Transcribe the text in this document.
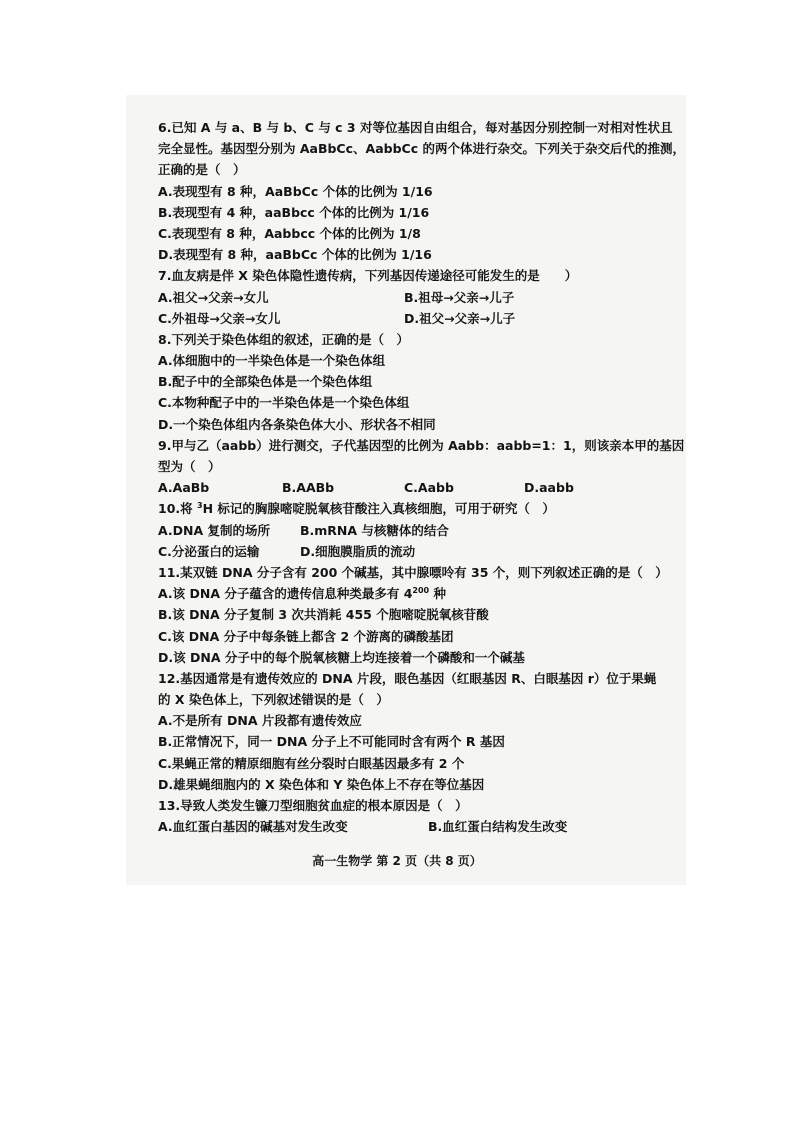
6.已知 A 与 a、B 与 b、C 与 c 3 对等位基因自由组合，每对基因分别控制一对相对性状且
完全显性。基因型分别为 AaBbCc、AabbCc 的两个体进行杂交。下列关于杂交后代的推测，
正确的是（　）
A.表现型有 8 种，AaBbCc 个体的比例为 1/16
B.表现型有 4 种，aaBbcc 个体的比例为 1/16
C.表现型有 8 种，Aabbcc 个体的比例为 1/8
D.表现型有 8 种，aaBbCc 个体的比例为 1/16
7.血友病是伴 X 染色体隐性遗传病，下列基因传递途径可能发生的是　　）
A.祖父→父亲→女儿	B.祖母→父亲→儿子
C.外祖母→父亲→女儿	D.祖父→父亲→儿子
8.下列关于染色体组的叙述，正确的是（　）
A.体细胞中的一半染色体是一个染色体组
B.配子中的全部染色体是一个染色体组
C.本物种配子中的一半染色体是一个染色体组
D.一个染色体组内各条染色体大小、形状各不相同
9.甲与乙（aabb）进行测交，子代基因型的比例为 Aabb：aabb=1：1，则该亲本甲的基因
型为（　）
A.AaBb	B.AABb	C.Aabb	D.aabb
10.将 $^3$H 标记的胸腺嘧啶脱氧核苷酸注入真核细胞，可用于研究（　）
A.DNA 复制的场所 B.mRNA 与核糖体的结合
C.分泌蛋白的运输	D.细胞膜脂质的流动
11.某双链 DNA 分子含有 200 个碱基，其中腺嘌呤有 35 个，则下列叙述正确的是（　）
A.该 DNA 分子蕴含的遗传信息种类最多有 $4^{200}$ 种
B.该 DNA 分子复制 3 次共消耗 455 个胞嘧啶脱氧核苷酸
C.该 DNA 分子中每条链上都含 2 个游离的磷酸基团
D.该 DNA 分子中的每个脱氧核糖上均连接着一个磷酸和一个碱基
12.基因通常是有遗传效应的 DNA 片段，眼色基因（红眼基因 R、白眼基因 r）位于果蝇
的 X 染色体上，下列叙述错误的是（　）
A.不是所有 DNA 片段都有遗传效应
B.正常情况下，同一 DNA 分子上不可能同时含有两个 R 基因
C.果蝇正常的精原细胞有丝分裂时白眼基因最多有 2 个
D.雄果蝇细胞内的 X 染色体和 Y 染色体上不存在等位基因
13.导致人类发生镰刀型细胞贫血症的根本原因是（　）
A.血红蛋白基因的碱基对发生改变	B.血红蛋白结构发生改变
高一生物学 第 2 页（共 8 页）
